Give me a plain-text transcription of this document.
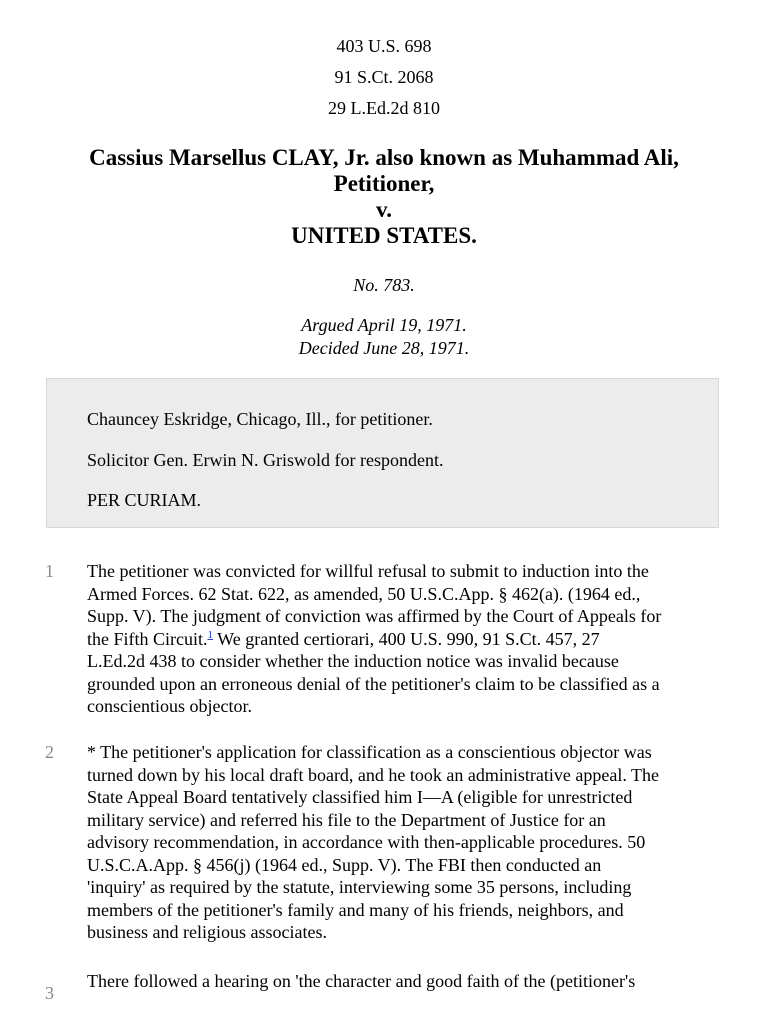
403 U.S. 698
91 S.Ct. 2068
29 L.Ed.2d 810
Cassius Marsellus CLAY, Jr. also known as Muhammad Ali,
Petitioner,
v.
UNITED STATES.
No. 783.
Argued April 19, 1971.
Decided June 28, 1971.

Chauncey Eskridge, Chicago, Ill., for petitioner.

Solicitor Gen. Erwin N. Griswold for respondent.

PER CURIAM.

1 The petitioner was convicted for willful refusal to submit to induction into the
Armed Forces. 62 Stat. 622, as amended, 50 U.S.C.App. § 462(a). (1964 ed.,
Supp. V). The judgment of conviction was affirmed by the Court of Appeals for
the Fifth Circuit.$^1$ We granted certiorari, 400 U.S. 990, 91 S.Ct. 457, 27
L.Ed.2d 438 to consider whether the induction notice was invalid because
grounded upon an erroneous denial of the petitioner's claim to be classified as a
conscientious objector.
2 * The petitioner's application for classification as a conscientious objector was
turned down by his local draft board, and he took an administrative appeal. The
State Appeal Board tentatively classified him I—A (eligible for unrestricted
military service) and referred his file to the Department of Justice for an
advisory recommendation, in accordance with then-applicable procedures. 50
U.S.C.A.App. § 456(j) (1964 ed., Supp. V). The FBI then conducted an
'inquiry' as required by the statute, interviewing some 35 persons, including
members of the petitioner's family and many of his friends, neighbors, and
business and religious associates.
3
There followed a hearing on 'the character and good faith of the (petitioner's
